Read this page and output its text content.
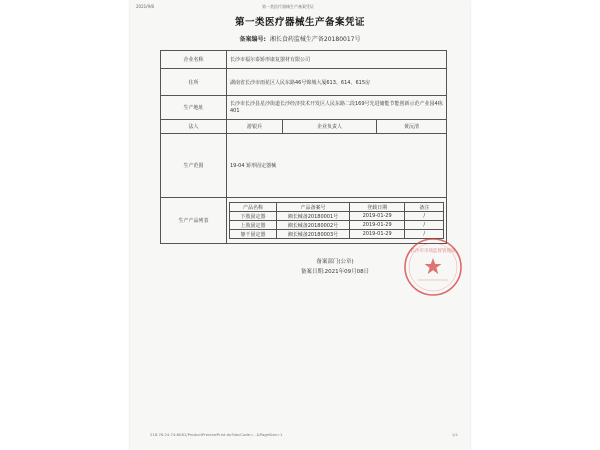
2021/9/8	第一类医疗器械生产备案凭证
第一类医疗器械生产备案凭证
备案编号: 湘长食药监械生产备20180017号
企业名称	长沙市福尔泰矫形康复器材有限公司
住所	湖南省长沙市雨花区人民东路46号锦城大厦613、614、615房
生产地址	长沙市长沙县星沙街道长沙经济技术开发区人民东路二段169号先进储能节能创新示范产业园4栋401
法人	游银兵	企业负责人	黄沅清
生产范围	19-04 矫形固定器械
生产产品列表	
产品名称	产品备案号	登载日期	备注
下肢固定器	湘长械备20180001号	2019-01-29	/
上肢固定器	湘长械备20180002号	2019-01-29	/
躯干固定器	湘长械备20180003号	2019-01-29	/
备案部门(公章)
备案日期:2021年09月08日
长沙市市场监督管理局
218.76.24.74:8081/ProductPreviewPrint.do?docCode=...&PageSize=1	1/1
